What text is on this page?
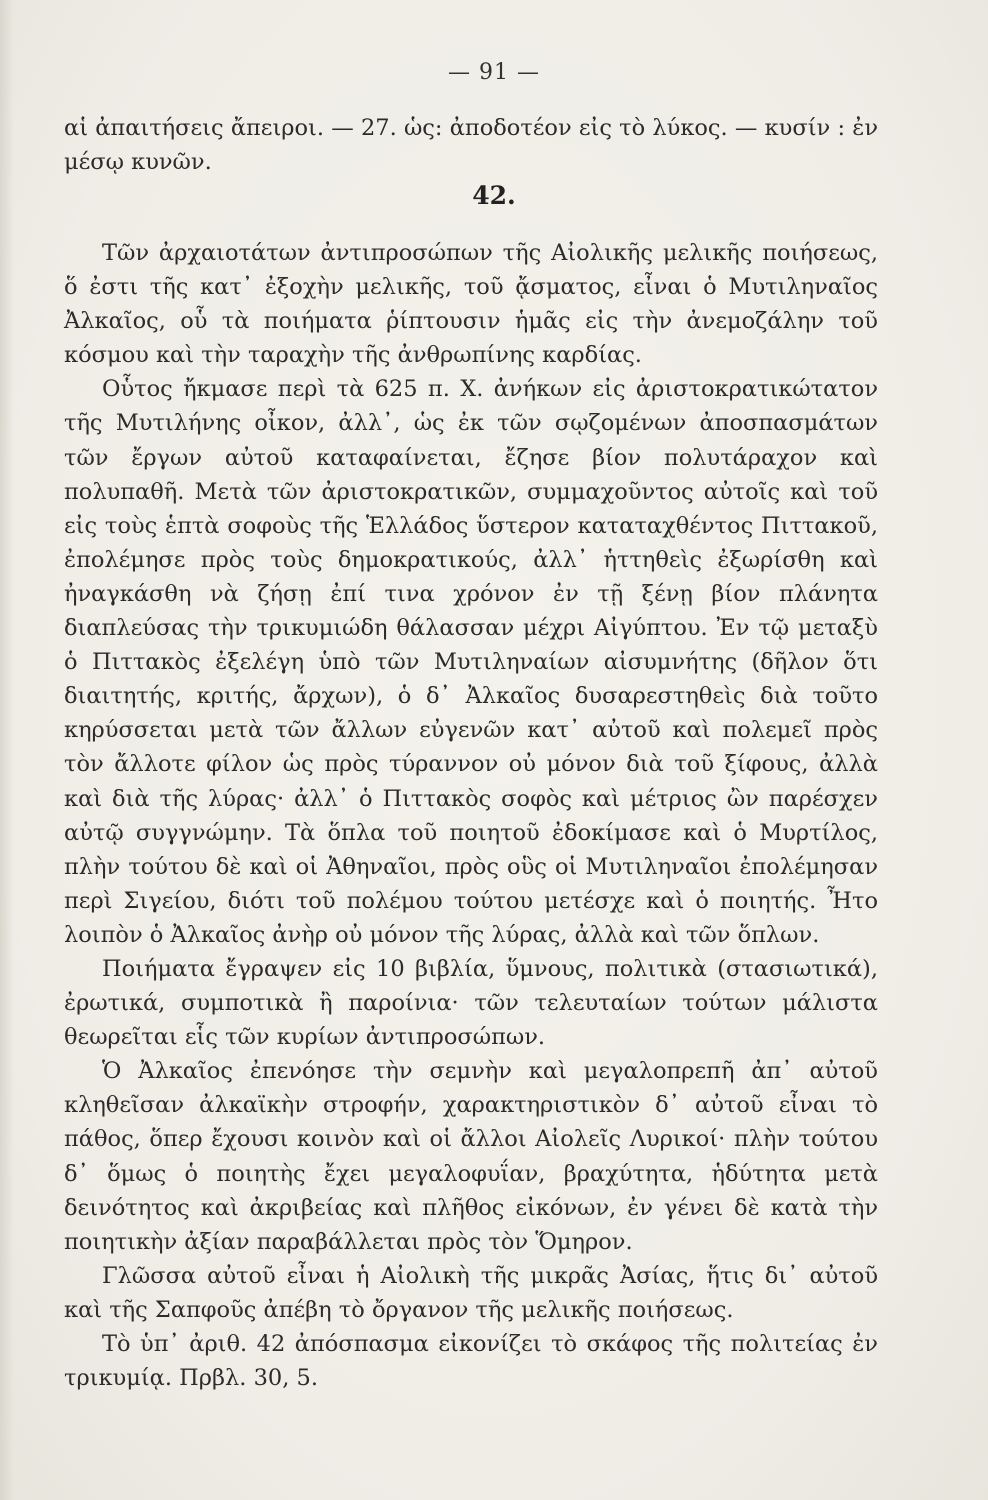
— 91 —
αἱ ἀπαιτήσεις ἄπειροι. — 27. ὡς: ἀποδοτέον εἰς τὸ λύκος. — κυσίν : ἐν μέσῳ κυνῶν.
42.

Τῶν ἀρχαιοτάτων ἀντιπροσώπων τῆς Αἰολικῆς μελικῆς ποιήσεως, ὅ ἐστι τῆς κατ᾽ ἐξοχὴν μελικῆς, τοῦ ᾄσματος, εἶναι ὁ Μυτιληναῖος Ἀλκαῖος, οὗ τὰ ποιήματα ῥίπτουσιν ἡμᾶς εἰς τὴν ἀνεμοζάλην τοῦ κόσμου καὶ τὴν ταραχὴν τῆς ἀνθρωπίνης καρδίας.

Οὗτος ἤκμασε περὶ τὰ 625 π. Χ. ἀνήκων εἰς ἀριστοκρατικώτατον τῆς Μυτιλήνης οἶκον, ἀλλ᾽, ὡς ἐκ τῶν σῳζομένων ἀποσπασμάτων τῶν ἔργων αὐτοῦ καταφαίνεται, ἔζησε βίον πολυτάραχον καὶ πολυπαθῆ. Μετὰ τῶν ἀριστοκρατικῶν, συμμαχοῦντος αὐτοῖς καὶ τοῦ εἰς τοὺς ἑπτὰ σοφοὺς τῆς Ἑλλάδος ὕστερον καταταχθέντος Πιττακοῦ, ἐπολέμησε πρὸς τοὺς δημοκρατικούς, ἀλλ᾽ ἡττηθεὶς ἐξωρίσθη καὶ ἠναγκάσθη νὰ ζήσῃ ἐπί τινα χρόνον ἐν τῇ ξένῃ βίον πλάνητα διαπλεύσας τὴν τρικυμιώδη θάλασσαν μέχρι Αἰγύπτου. Ἐν τῷ μεταξὺ ὁ Πιττακὸς ἐξελέγη ὑπὸ τῶν Μυτιληναίων αἰσυμνήτης (δῆλον ὅτι διαιτητής, κριτής, ἄρχων), ὁ δ᾽ Ἀλκαῖος δυσαρεστηθεὶς διὰ τοῦτο κηρύσσεται μετὰ τῶν ἄλλων εὐγενῶν κατ᾽ αὐτοῦ καὶ πολεμεῖ πρὸς τὸν ἄλλοτε φίλον ὡς πρὸς τύραννον οὐ μόνον διὰ τοῦ ξίφους, ἀλλὰ καὶ διὰ τῆς λύρας· ἀλλ᾽ ὁ Πιττακὸς σοφὸς καὶ μέτριος ὢν παρέσχεν αὐτῷ συγγνώμην. Τὰ ὅπλα τοῦ ποιητοῦ ἐδοκίμασε καὶ ὁ Μυρτίλος, πλὴν τούτου δὲ καὶ οἱ Ἀθηναῖοι, πρὸς οὓς οἱ Μυτιληναῖοι ἐπολέμησαν περὶ Σιγείου, διότι τοῦ πολέμου τούτου μετέσχε καὶ ὁ ποιητής. Ἦτο λοιπὸν ὁ Ἀλκαῖος ἀνὴρ οὐ μόνον τῆς λύρας, ἀλλὰ καὶ τῶν ὅπλων.

Ποιήματα ἔγραψεν εἰς 10 βιβλία, ὕμνους, πολιτικὰ (στασιωτικά), ἐρωτικά, συμποτικὰ ἢ παροίνια· τῶν τελευταίων τούτων μάλιστα θεωρεῖται εἷς τῶν κυρίων ἀντιπροσώπων.

Ὁ Ἀλκαῖος ἐπενόησε τὴν σεμνὴν καὶ μεγαλοπρεπῆ ἀπ᾽ αὐτοῦ κληθεῖσαν ἀλκαϊκὴν στροφήν, χαρακτηριστικὸν δ᾽ αὐτοῦ εἶναι τὸ πάθος, ὅπερ ἔχουσι κοινὸν καὶ οἱ ἄλλοι Αἰολεῖς Λυρικοί· πλὴν τούτου δ᾽ ὅμως ὁ ποιητὴς ἔχει μεγαλοφυΐαν, βραχύτητα, ἡδύτητα μετὰ δεινότητος καὶ ἀκριβείας καὶ πλῆθος εἰκόνων, ἐν γένει δὲ κατὰ τὴν ποιητικὴν ἀξίαν παραβάλλεται πρὸς τὸν Ὅμηρον.

Γλῶσσα αὐτοῦ εἶναι ἡ Αἰολικὴ τῆς μικρᾶς Ἀσίας, ἥτις δι᾽ αὐτοῦ καὶ τῆς Σαπφοῦς ἀπέβη τὸ ὄργανον τῆς μελικῆς ποιήσεως.

Τὸ ὑπ᾽ ἀριθ. 42 ἀπόσπασμα εἰκονίζει τὸ σκάφος τῆς πολιτείας ἐν τρικυμίᾳ. Πρβλ. 30, 5.
